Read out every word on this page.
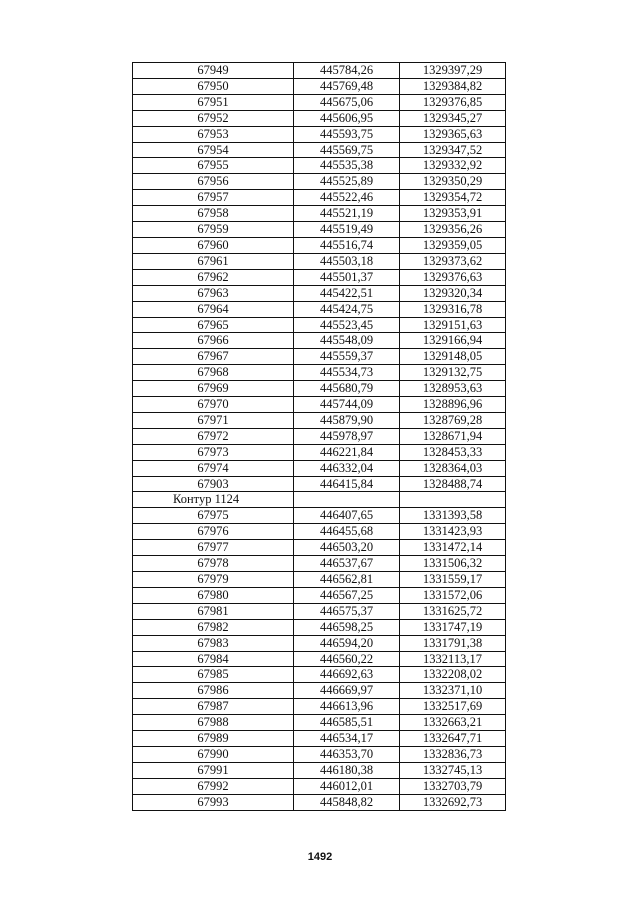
67949	445784,26	1329397,29
67950	445769,48	1329384,82
67951	445675,06	1329376,85
67952	445606,95	1329345,27
67953	445593,75	1329365,63
67954	445569,75	1329347,52
67955	445535,38	1329332,92
67956	445525,89	1329350,29
67957	445522,46	1329354,72
67958	445521,19	1329353,91
67959	445519,49	1329356,26
67960	445516,74	1329359,05
67961	445503,18	1329373,62
67962	445501,37	1329376,63
67963	445422,51	1329320,34
67964	445424,75	1329316,78
67965	445523,45	1329151,63
67966	445548,09	1329166,94
67967	445559,37	1329148,05
67968	445534,73	1329132,75
67969	445680,79	1328953,63
67970	445744,09	1328896,96
67971	445879,90	1328769,28
67972	445978,97	1328671,94
67973	446221,84	1328453,33
67974	446332,04	1328364,03
67903	446415,84	1328488,74
Контур 1124		
67975	446407,65	1331393,58
67976	446455,68	1331423,93
67977	446503,20	1331472,14
67978	446537,67	1331506,32
67979	446562,81	1331559,17
67980	446567,25	1331572,06
67981	446575,37	1331625,72
67982	446598,25	1331747,19
67983	446594,20	1331791,38
67984	446560,22	1332113,17
67985	446692,63	1332208,02
67986	446669,97	1332371,10
67987	446613,96	1332517,69
67988	446585,51	1332663,21
67989	446534,17	1332647,71
67990	446353,70	1332836,73
67991	446180,38	1332745,13
67992	446012,01	1332703,79
67993	445848,82	1332692,73
1492
